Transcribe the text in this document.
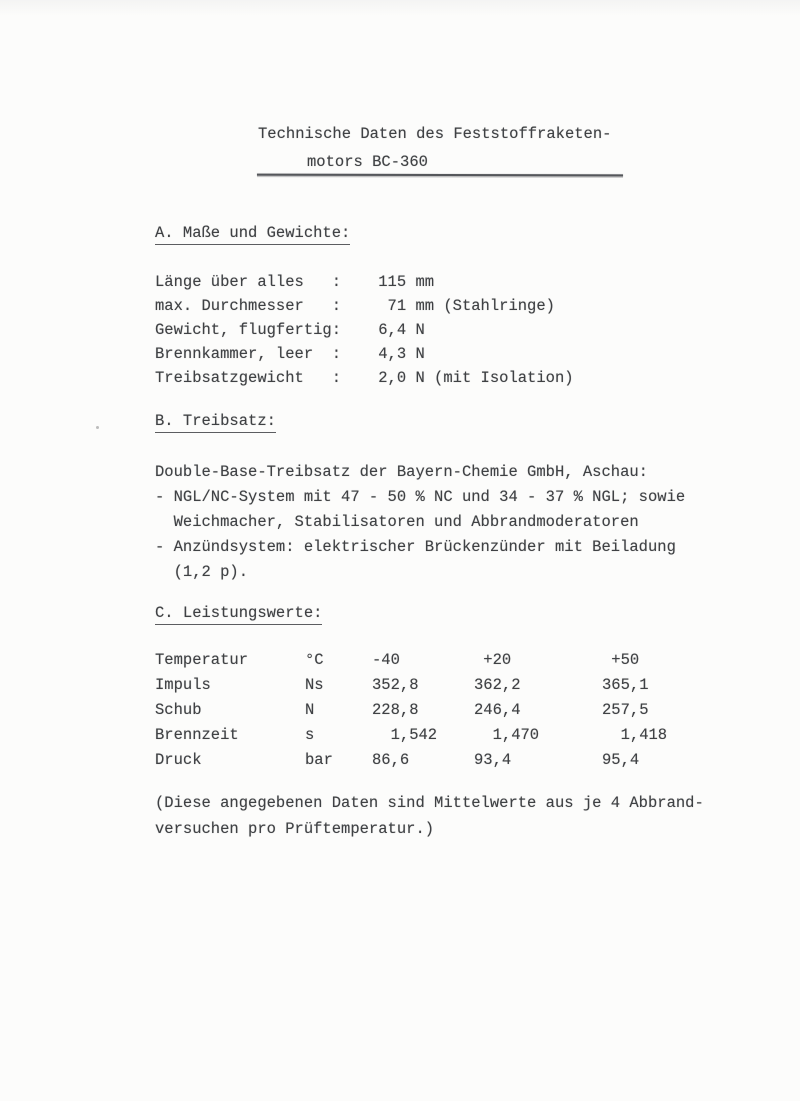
Technische Daten des Feststoffraketen-
motors BC-360
A. Maße und Gewichte:
Länge über alles   :    115 mm
max. Durchmesser   :     71 mm (Stahlringe)
Gewicht, flugfertig:    6,4 N
Brennkammer, leer  :    4,3 N
Treibsatzgewicht   :    2,0 N (mit Isolation)
B. Treibsatz:
Double-Base-Treibsatz der Bayern-Chemie GmbH, Aschau:
- NGL/NC-System mit 47 - 50 % NC und 34 - 37 % NGL; sowie
Weichmacher, Stabilisatoren und Abbrandmoderatoren
- Anzündsystem: elektrischer Brückenzünder mit Beiladung
(1,2 p).
C. Leistungswerte:
Temperatur	°C	-40	+20	+50
Impuls	Ns	352,8	362,2	365,1
Schub	N	228,8	246,4	257,5
Brennzeit	s	1,542	1,470	1,418
Druck	bar	86,6	93,4	95,4
(Diese angegebenen Daten sind Mittelwerte aus je 4 Abbrand-
versuchen pro Prüftemperatur.)
